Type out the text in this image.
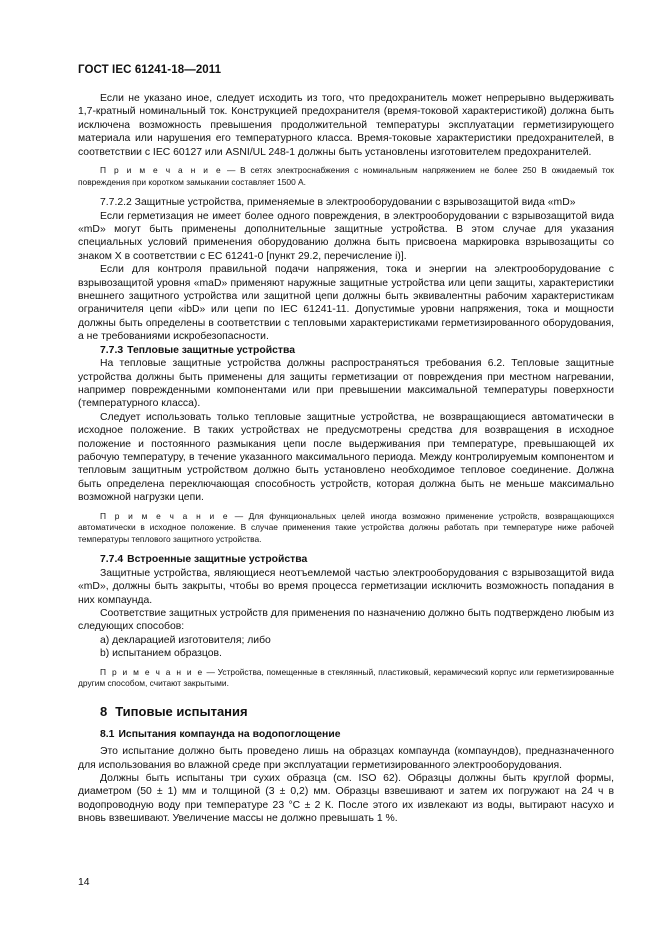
ГОСТ IEC 61241-18—2011

Если не указано иное, следует исходить из того, что предохранитель может непрерывно выдерживать 1,7-кратный номинальный ток. Конструкцией предохранителя (время-токовой характеристикой) должна быть исключена возможность превышения продолжительной температуры эксплуатации герметизирующего материала или нарушения его температурного класса. Время-токовые характеристики предохранителей, в соответствии с IEC 60127 или ASNI/UL 248-1 должны быть установлены изготовителем предохранителей.

П р и м е ч а н и е — В сетях электроснабжения с номинальным напряжением не более 250 В ожидаемый ток повреждения при коротком замыкании составляет 1500 А.

7.7.2.2 Защитные устройства, применяемые в электрооборудовании с взрывозащитой вида «mD»

Если герметизация не имеет более одного повреждения, в электрооборудовании с взрывозащитой вида «mD» могут быть применены дополнительные защитные устройства. В этом случае для указания специальных условий применения оборудованию должна быть присвоена маркировка взрывозащиты со знаком X в соответствии с ЕС 61241-0 [пункт 29.2, перечисление i)].

Если для контроля правильной подачи напряжения, тока и энергии на электрооборудование с взрывозащитой уровня «maD» применяют наружные защитные устройства или цепи защиты, характеристики внешнего защитного устройства или защитной цепи должны быть эквивалентны рабочим характеристикам ограничителя цепи «ibD» или цепи по IEC 61241-11. Допустимые уровни напряжения, тока и мощности должны быть определены в соответствии с тепловыми характеристиками герметизированного оборудования, а не требованиями искробезопасности.

7.7.3 Тепловые защитные устройства

На тепловые защитные устройства должны распространяться требования 6.2. Тепловые защитные устройства должны быть применены для защиты герметизации от повреждения при местном нагревании, например поврежденными компонентами или при превышении максимальной температуры поверхности (температурного класса).

Следует использовать только тепловые защитные устройства, не возвращающиеся автоматически в исходное положение. В таких устройствах не предусмотрены средства для возвращения в исходное положение и постоянного размыкания цепи после выдерживания при температуре, превышающей их рабочую температуру, в течение указанного максимального периода. Между контролируемым компонентом и тепловым защитным устройством должно быть установлено необходимое тепловое соединение. Должна быть определена переключающая способность устройств, которая должна быть не меньше максимально возможной нагрузки цепи.

П р и м е ч а н и е — Для функциональных целей иногда возможно применение устройств, возвращающихся автоматически в исходное положение. В случае применения такие устройства должны работать при температуре ниже рабочей температуры теплового защитного устройства.

7.7.4 Встроенные защитные устройства

Защитные устройства, являющиеся неотъемлемой частью электрооборудования с взрывозащитой вида «mD», должны быть закрыты, чтобы во время процесса герметизации исключить возможность попадания в них компаунда.

Соответствие защитных устройств для применения по назначению должно быть подтверждено любым из следующих способов:

a) декларацией изготовителя; либо

b) испытанием образцов.

П р и м е ч а н и е — Устройства, помещенные в стеклянный, пластиковый, керамический корпус или герметизированные другим способом, считают закрытыми.

8 Типовые испытания

8.1 Испытания компаунда на водопоглощение

Это испытание должно быть проведено лишь на образцах компаунда (компаундов), предназначенного для использования во влажной среде при эксплуатации герметизированного электрооборудования.

Должны быть испытаны три сухих образца (см. ISO 62). Образцы должны быть круглой формы, диаметром (50 ± 1) мм и толщиной (3 ± 0,2) мм. Образцы взвешивают и затем их погружают на 24 ч в водопроводную воду при температуре 23 °С ± 2 К. После этого их извлекают из воды, вытирают насухо и вновь взвешивают. Увеличение массы не должно превышать 1 %.

14
